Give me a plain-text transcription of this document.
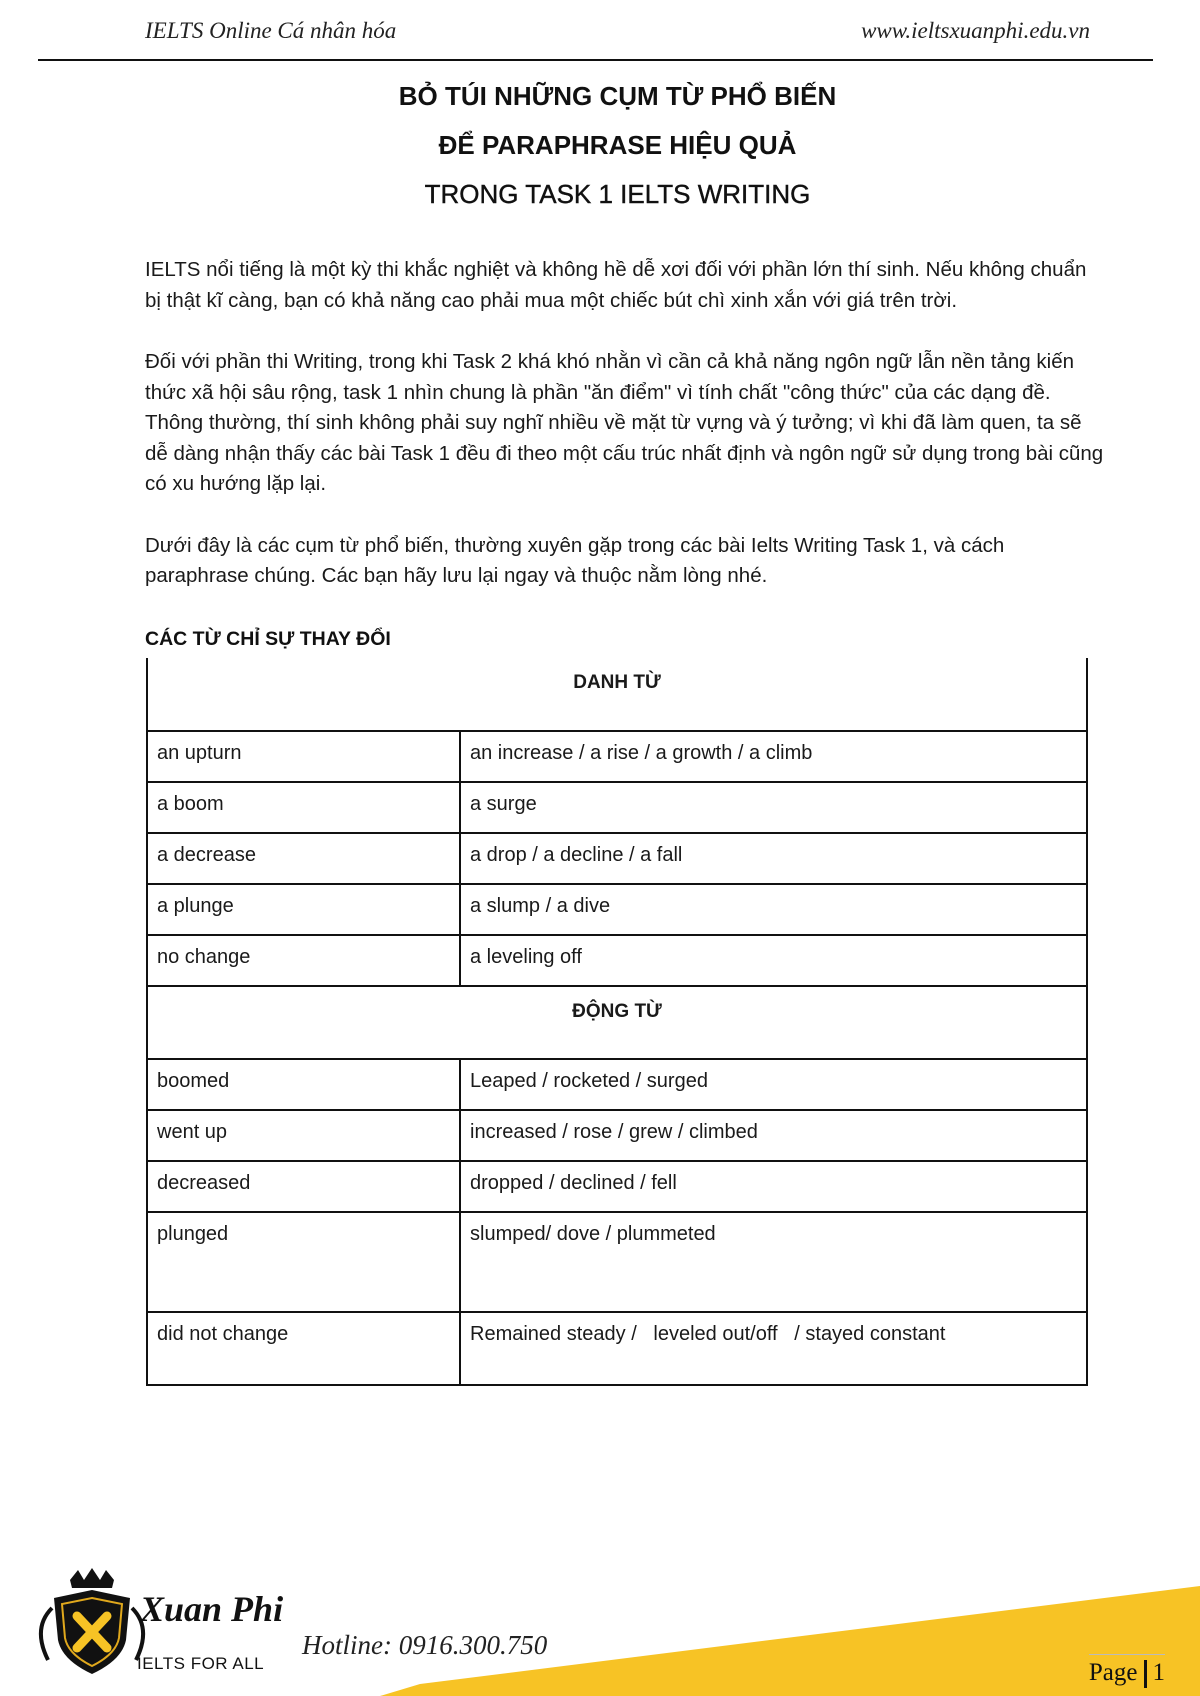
IELTS Online Cá nhân hóa	www.ieltsxuanphi.edu.vn
BỎ TÚI NHỮNG CỤM TỪ PHỔ BIẾN
ĐỂ PARAPHRASE HIỆU QUẢ
TRONG TASK 1 IELTS WRITING

IELTS nổi tiếng là một kỳ thi khắc nghiệt và không hề dễ xơi đối với phần lớn thí sinh. Nếu không chuẩn bị thật kĩ càng, bạn có khả năng cao phải mua một chiếc bút chì xinh xắn với giá trên trời.

Đối với phần thi Writing, trong khi Task 2 khá khó nhằn vì cần cả khả năng ngôn ngữ lẫn nền tảng kiến thức xã hội sâu rộng, task 1 nhìn chung là phần "ăn điểm" vì tính chất "công thức" của các dạng đề. Thông thường, thí sinh không phải suy nghĩ nhiều về mặt từ vựng và ý tưởng; vì khi đã làm quen, ta sẽ dễ dàng nhận thấy các bài Task 1 đều đi theo một cấu trúc nhất định và ngôn ngữ sử dụng trong bài cũng có xu hướng lặp lại.

Dưới đây là các cụm từ phổ biến, thường xuyên gặp trong các bài Ielts Writing Task 1, và cách paraphrase chúng. Các bạn hãy lưu lại ngay và thuộc nằm lòng nhé.

CÁC TỪ CHỈ SỰ THAY ĐỔI
DANH TỪ	
an upturn	an increase / a rise / a growth / a climb
a boom	a surge
a decrease	a drop / a decline / a fall
a plunge	a slump / a dive
no change	a leveling off
ĐỘNG TỪ	
boomed	Leaped / rocketed / surged
went up	increased / rose / grew / climbed
decreased	dropped / declined / fell
plunged	slumped/ dove / plummeted
did not change	Remained steady /   leveled out/off   / stayed constant
Xuan Phi
IELTS FOR ALL
Hotline: 0916.300.750
Page 1
